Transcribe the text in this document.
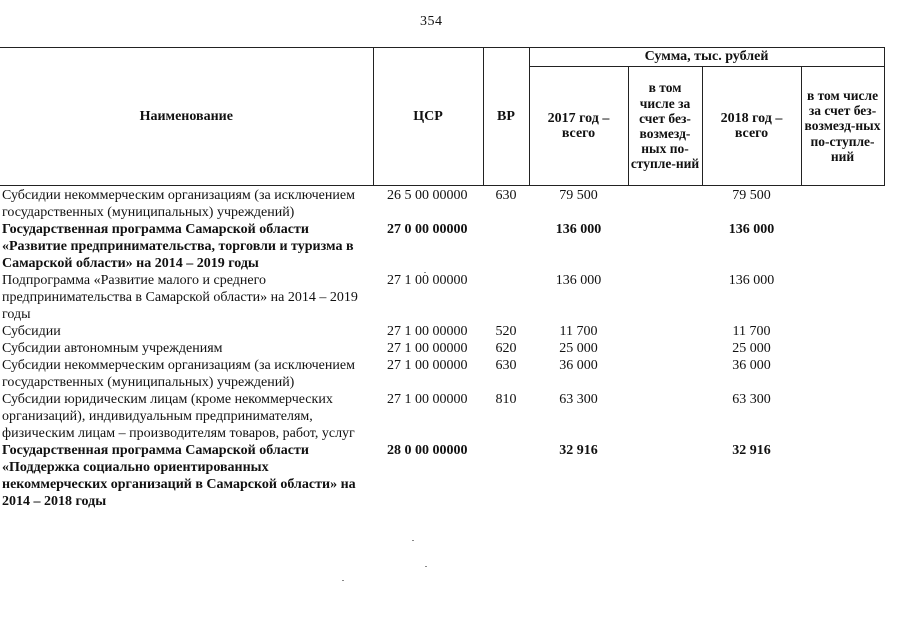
354
Наименование	ЦСР	ВР	Сумма, тыс. рублей			
			2017 год – всего	в том числе за счет без-возмезд-ных по-ступле-ний	2018 год – всего	в том числе за счет без-возмезд-ных по-ступле-ний
Субсидии некоммерческим организациям (за исключением государственных (муниципальных) учреждений)	26 5 00 00000	630	79 500		79 500	
Государственная программа Самарской области «Развитие предпринимательства, торговли и туризма в Самарской области» на 2014 – 2019 годы	27 0 00 00000		136 000		136 000	
Подпрограмма «Развитие малого и среднего предпринимательства в Самарской области» на 2014 – 2019 годы	27 1 00 00000		136 000		136 000	
Субсидии	27 1 00 00000	520	11 700		11 700	
Субсидии автономным учреждениям	27 1 00 00000	620	25 000		25 000	
Субсидии некоммерческим организациям (за исключением государственных (муниципальных) учреждений)	27 1 00 00000	630	36 000		36 000	
Субсидии юридическим лицам (кроме некоммерческих организаций), индивидуальным предпринимателям, физическим лицам – производителям товаров, работ, услуг	27 1 00 00000	810	63 300		63 300	
Государственная программа Самарской области «Поддержка социально ориентированных некоммерческих организаций в Самарской области» на 2014 – 2018 годы	28 0 00 00000		32 916		32 916	
